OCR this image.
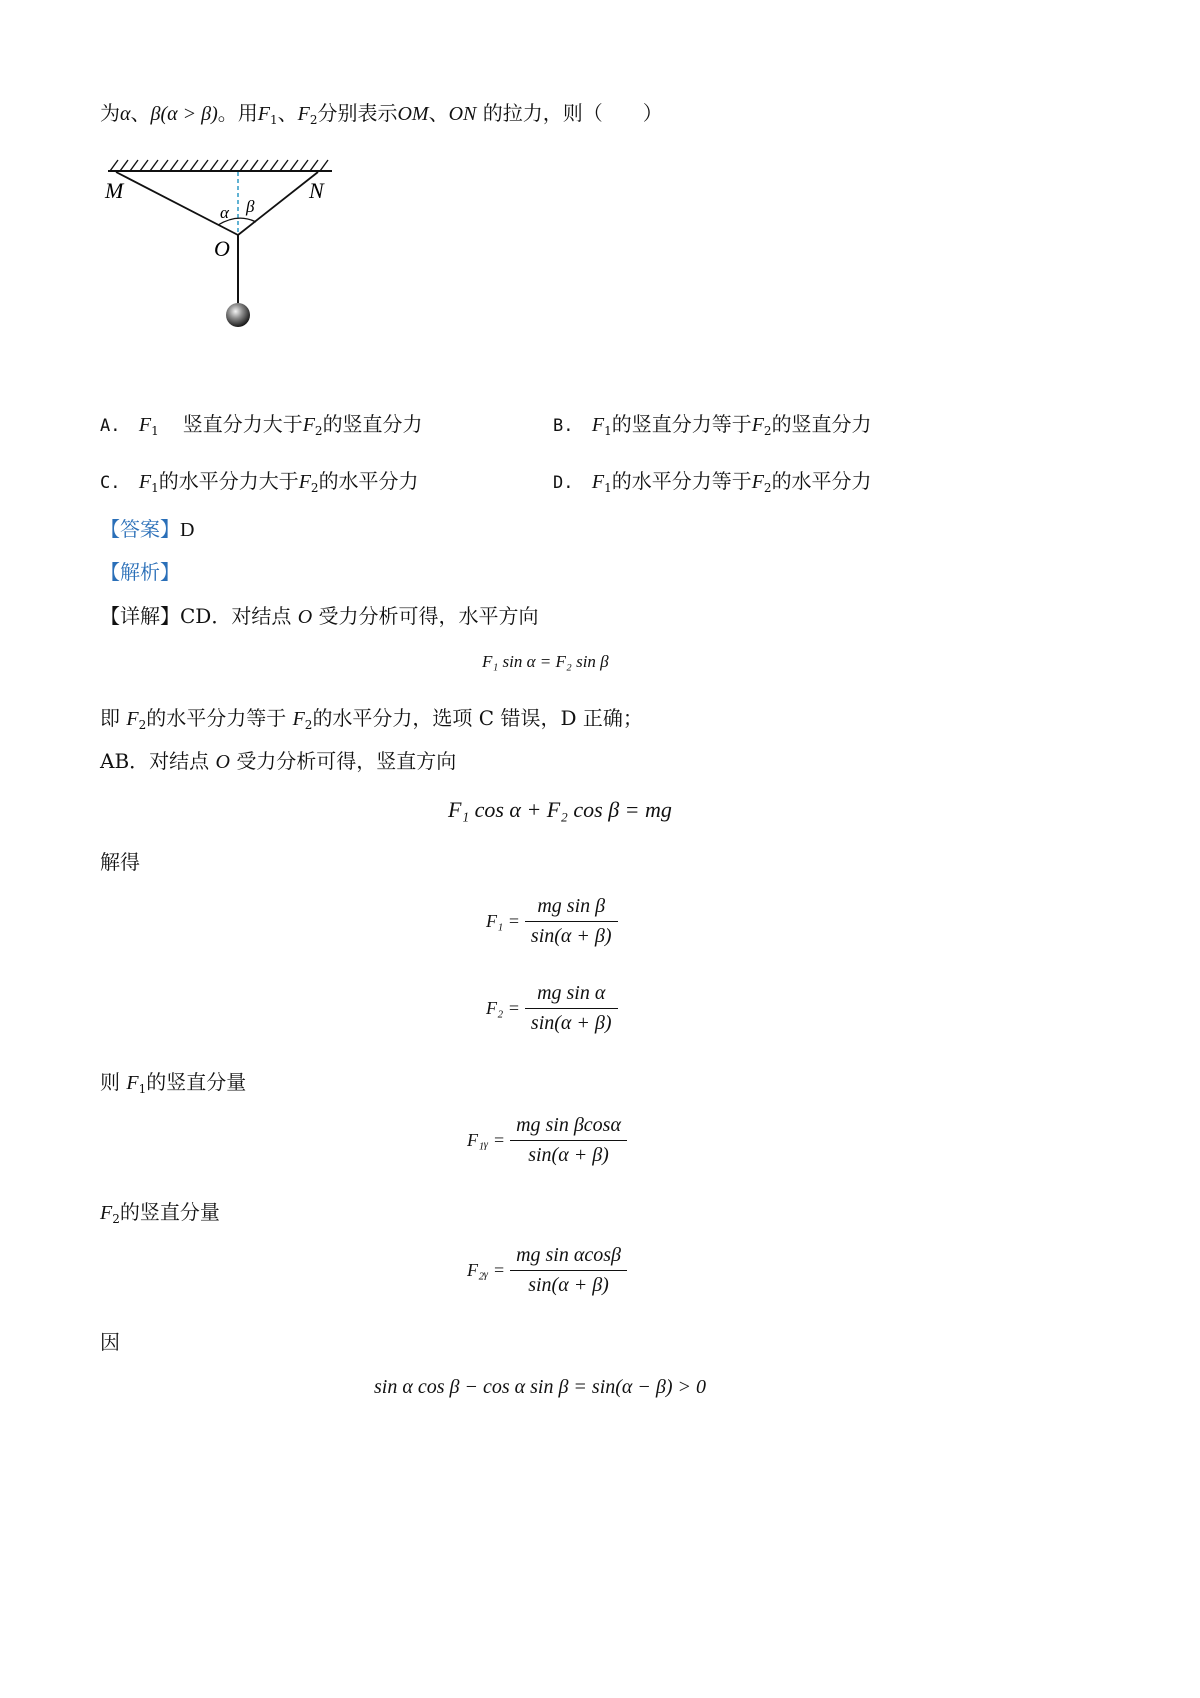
为α、β(α > β)。用$F_1$、$F_2$分别表示OM、ON 的拉力，则（　　）
M	N
O
α β
A. $F_1$ 竖直分力大于$F_2$的竖直分力	B. $F_1$的竖直分力等于$F_2$的竖直分力
C. $F_1$的水平分力大于$F_2$的水平分力	D. $F_1$的水平分力等于$F_2$的水平分力
【答案】D
【解析】
【详解】CD．对结点 O 受力分析可得，水平方向
F₁ sin α = F₂ sin β
即 $F_2$的水平分力等于 $F_2$的水平分力，选项 C 错误，D 正确；
AB．对结点 O 受力分析可得，竖直方向
F₁ cos α + F₂ cos β = mg
解得
$F_1 = \frac{\text{mg sin β}}{\sin(\alpha + \beta)}$
$F_2 = \frac{\text{mg sin α}}{\sin(\alpha + \beta)}$
则 $F_1$的竖直分量
F₁ᵧ = $\frac{\text{mg sin βcosα}}{\sin(\alpha + \beta)}$
$F_2$的竖直分量
F₂ᵧ = $\frac{\text{mg sin αcosβ}}{\sin(\alpha + \beta)}$
因
sin α cos β − cos α sin β = sin(α − β) > 0
